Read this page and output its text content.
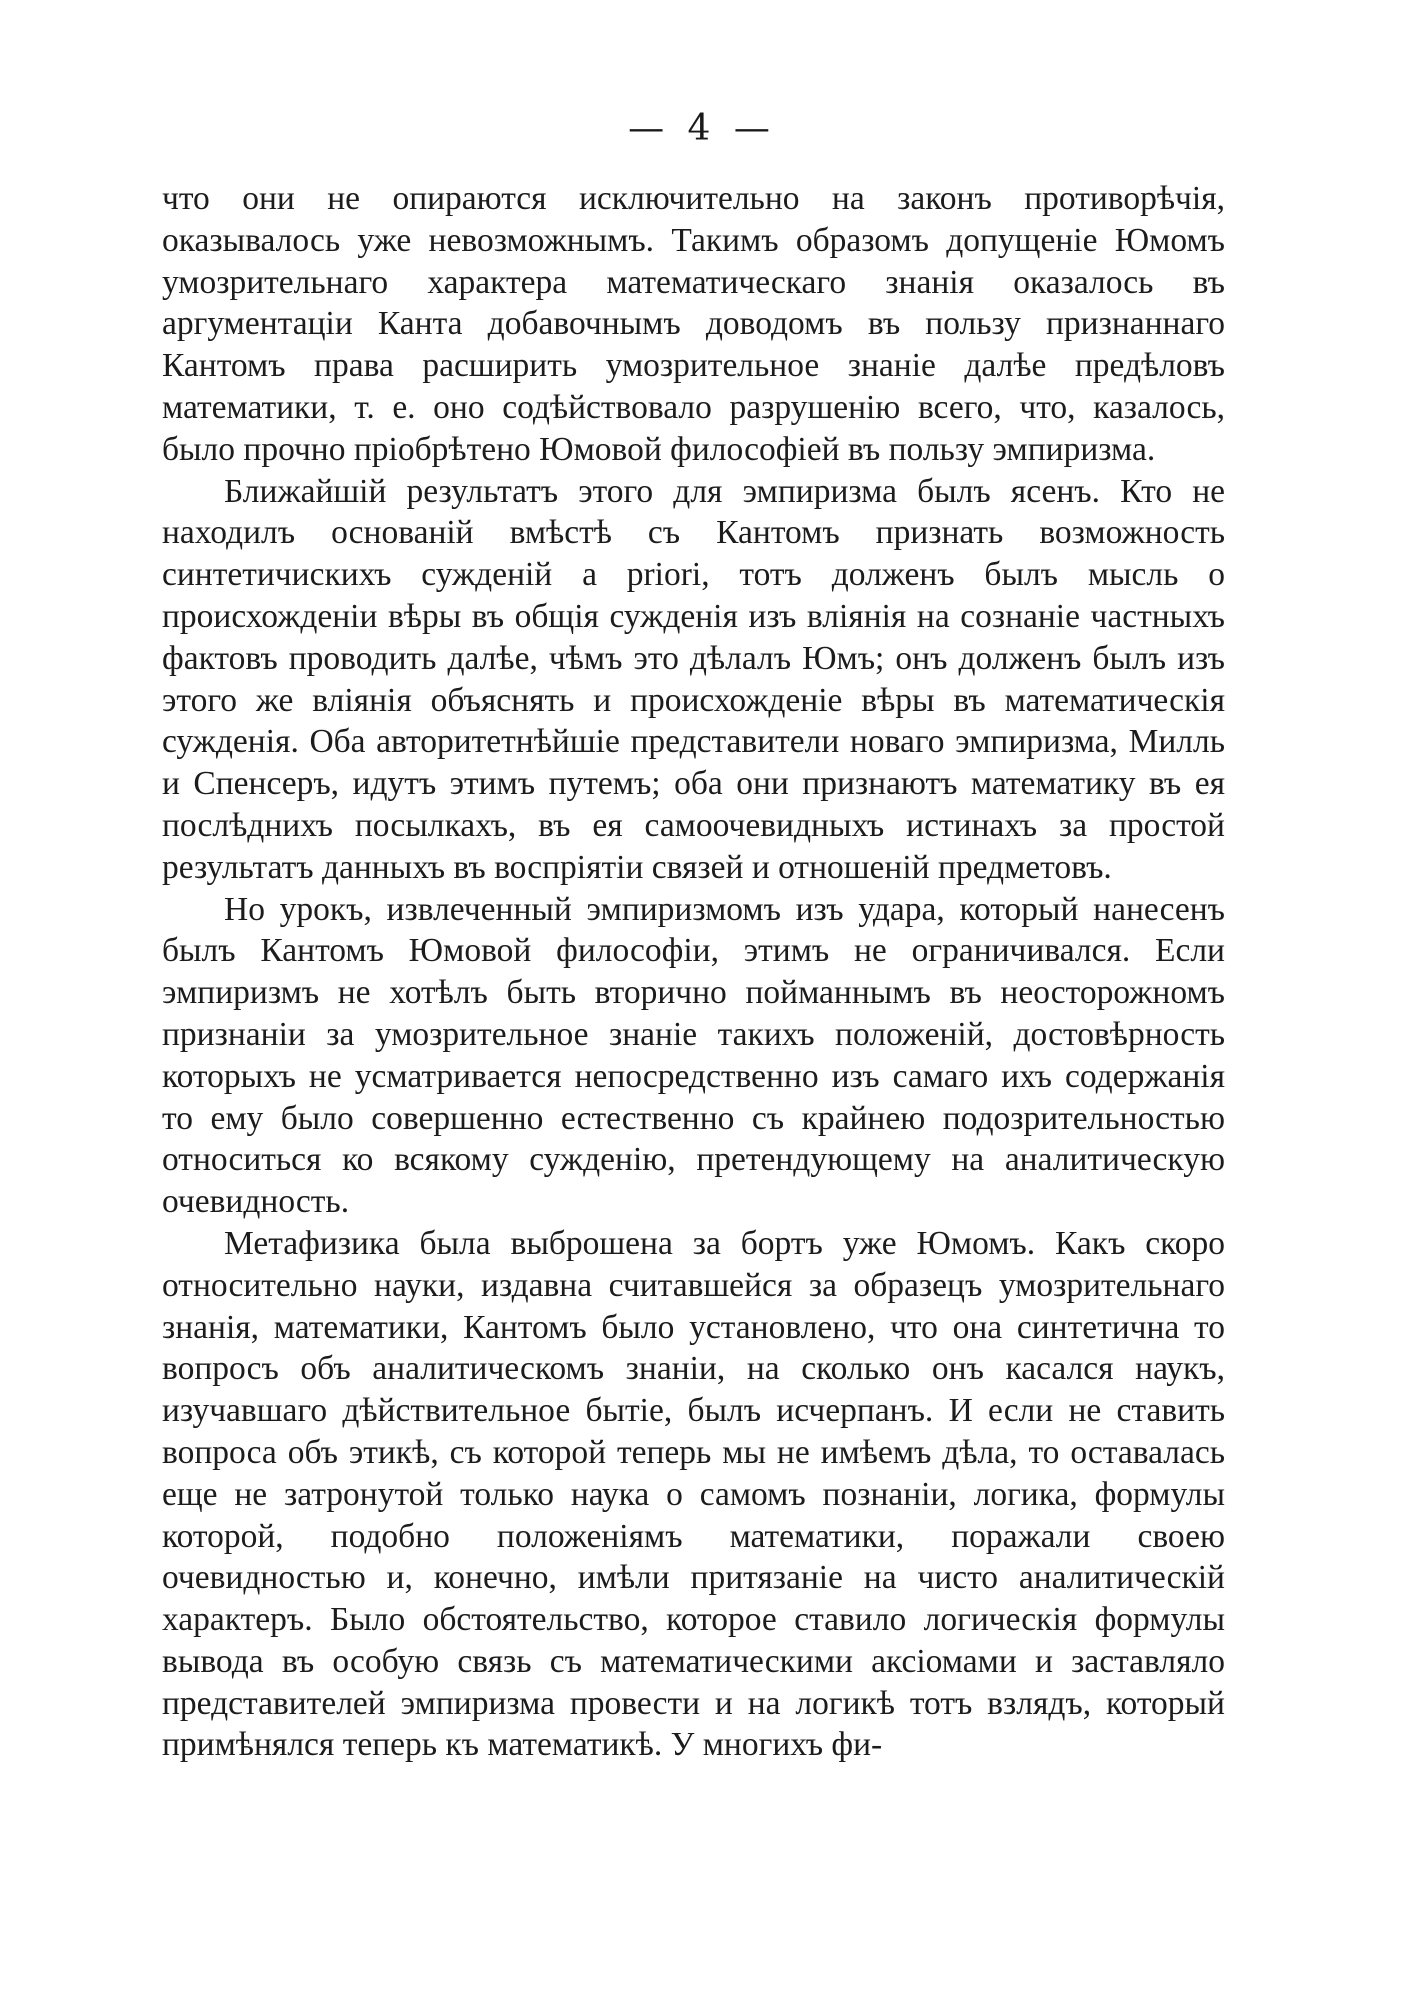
— 4 —

что они не опираются исключительно на законъ противорѣчія, оказывалось уже невозможнымъ. Такимъ образомъ допущеніе Юмомъ умозрительнаго характера математическаго знанія оказалось въ аргументаціи Канта добавочнымъ доводомъ въ пользу признаннаго Кантомъ права расширить умозрительное знаніе далѣе предѣловъ математики, т. е. оно содѣйствовало разрушенію всего, что, казалось, было прочно пріобрѣтено Юмовой философіей въ пользу эмпиризма.

Ближайшій результатъ этого для эмпиризма былъ ясенъ. Кто не находилъ основаній вмѣстѣ съ Кантомъ признать возможность синтетичискихъ сужденій a priori, тотъ долженъ былъ мысль о происхожденіи вѣры въ общія сужденія изъ вліянія на сознаніе частныхъ фактовъ проводить далѣе, чѣмъ это дѣлалъ Юмъ; онъ долженъ былъ изъ этого же вліянія объяснять и происхожденіе вѣры въ математическія сужденія. Оба авторитетнѣйшіе представители новаго эмпиризма, Милль и Спенсеръ, идутъ этимъ путемъ; оба они признаютъ математику въ ея послѣднихъ посылкахъ, въ ея самоочевидныхъ истинахъ за простой результатъ данныхъ въ воспріятіи связей и отношеній предметовъ.

Но урокъ, извлеченный эмпиризмомъ изъ удара, который нанесенъ былъ Кантомъ Юмовой философіи, этимъ не ограничивался. Если эмпиризмъ не хотѣлъ быть вторично пойманнымъ въ неосторожномъ признаніи за умозрительное знаніе такихъ положеній, достовѣрность которыхъ не усматривается непосредственно изъ самаго ихъ содержанія то ему было совершенно естественно съ крайнею подозрительностью относиться ко всякому сужденію, претендующему на аналитическую очевидность.

Метафизика была выброшена за бортъ уже Юмомъ. Какъ скоро относительно науки, издавна считавшейся за образецъ умозрительнаго знанія, математики, Кантомъ было установлено, что она синтетична то вопросъ объ аналитическомъ знаніи, на сколько онъ касался наукъ, изучавшаго дѣйствительное бытіе, былъ исчерпанъ. И если не ставить вопроса объ этикѣ, съ которой теперь мы не имѣемъ дѣла, то оставалась еще не затронутой только наука о самомъ познаніи, логика, формулы которой, подобно положеніямъ математики, поражали своею очевидностью и, конечно, имѣли притязаніе на чисто аналитическій характеръ. Было обстоятельство, которое ставило логическія формулы вывода въ особую связь съ математическими аксіомами и заставляло представителей эмпиризма провести и на логикѣ тотъ взлядъ, который примѣнялся теперь къ математикѣ. У многихъ фи-
